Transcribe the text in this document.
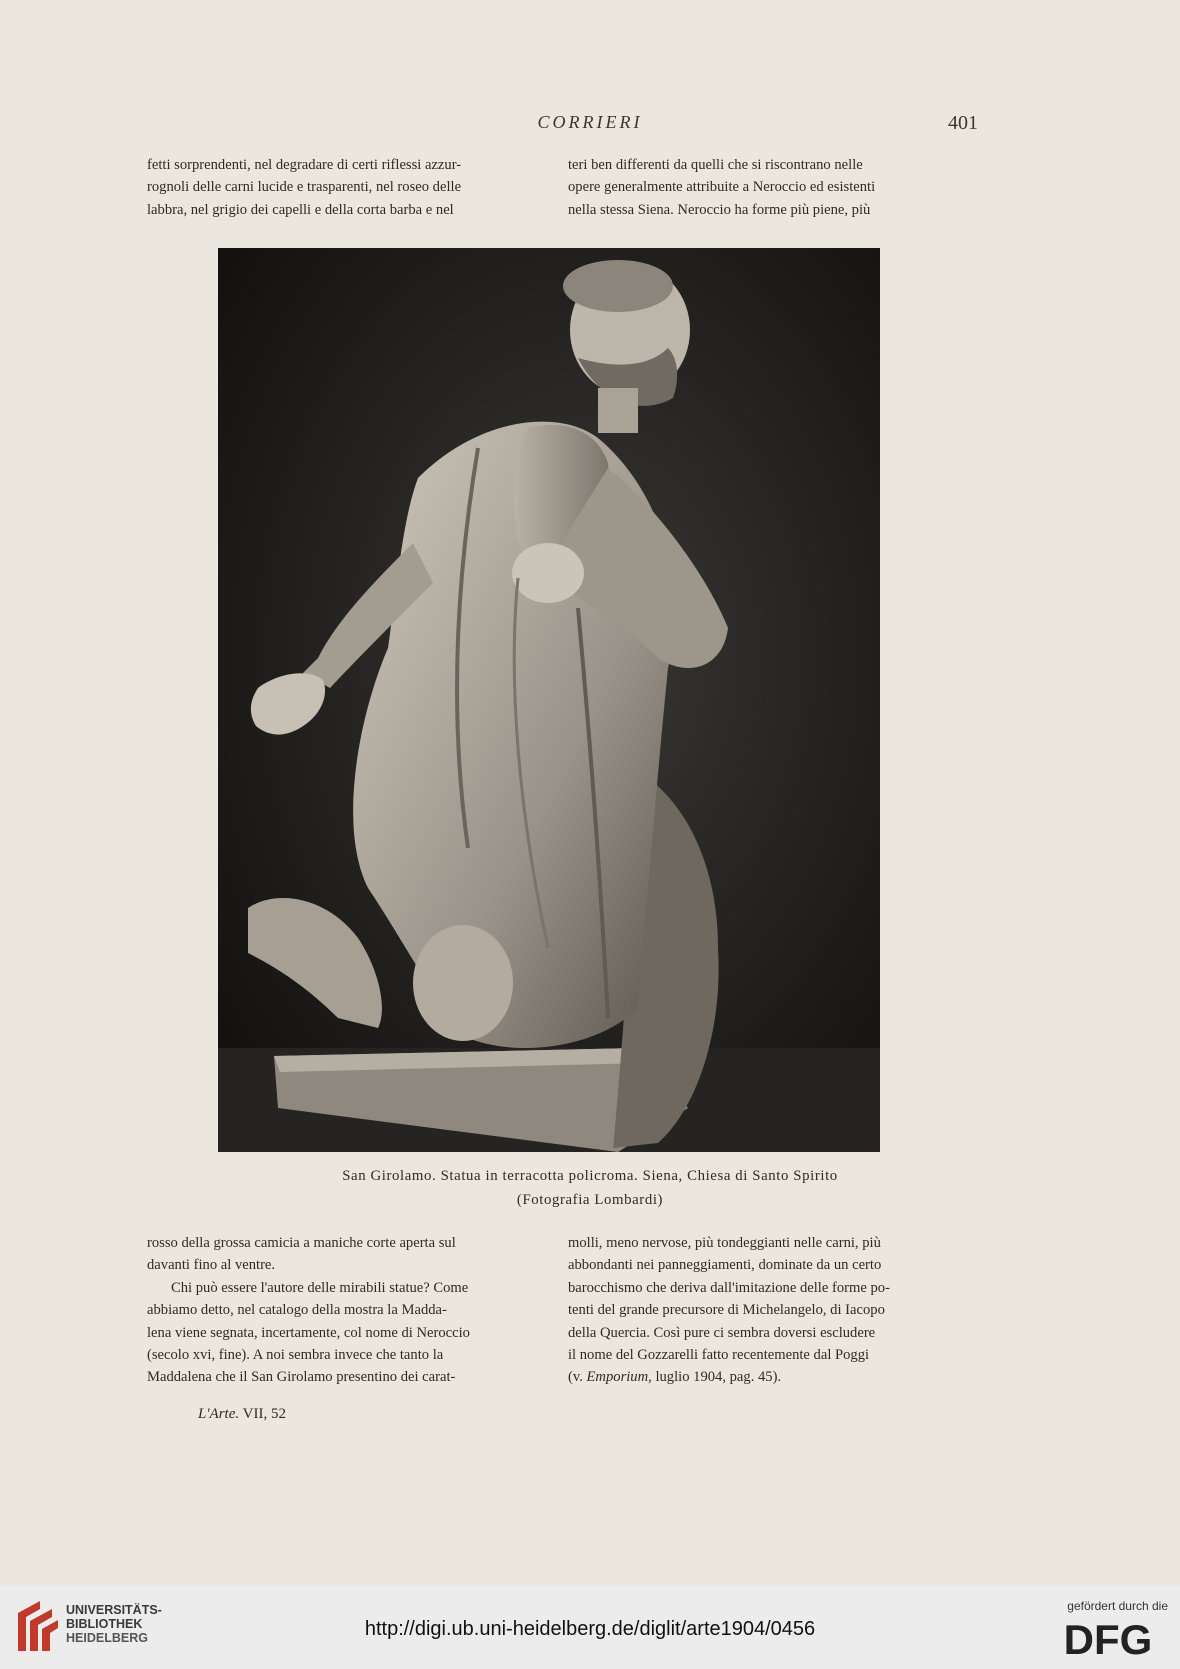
CORRIERI	401

fetti sorprendenti, nel degradare di certi riflessi azzur-

rognoli delle carni lucide e trasparenti, nel roseo delle

labbra, nel grigio dei capelli e della corta barba e nel

teri ben differenti da quelli che si riscontrano nelle

opere generalmente attribuite a Neroccio ed esistenti

nella stessa Siena. Neroccio ha forme più piene, più

San Girolamo. Statua in terracotta policroma. Siena, Chiesa di Santo Spirito
(Fotografia Lombardi)

rosso della grossa camicia a maniche corte aperta sul

davanti fino al ventre.

Chi può essere l'autore delle mirabili statue? Come

abbiamo detto, nel catalogo della mostra la Madda-

lena viene segnata, incertamente, col nome di Neroccio

(secolo xvi, fine). A noi sembra invece che tanto la

Maddalena che il San Girolamo presentino dei carat-

molli, meno nervose, più tondeggianti nelle carni, più

abbondanti nei panneggiamenti, dominate da un certo

barocchismo che deriva dall'imitazione delle forme po-

tenti del grande precursore di Michelangelo, di Iacopo

della Quercia. Così pure ci sembra doversi escludere

il nome del Gozzarelli fatto recentemente dal Poggi

(v. Emporium, luglio 1904, pag. 45).

L'Arte. VII, 52
UNIVERSITÄTS-
BIBLIOTHEK
HEIDELBERG	http://digi.ub.uni-heidelberg.de/diglit/arte1904/0456
gefördert durch die
DFG
